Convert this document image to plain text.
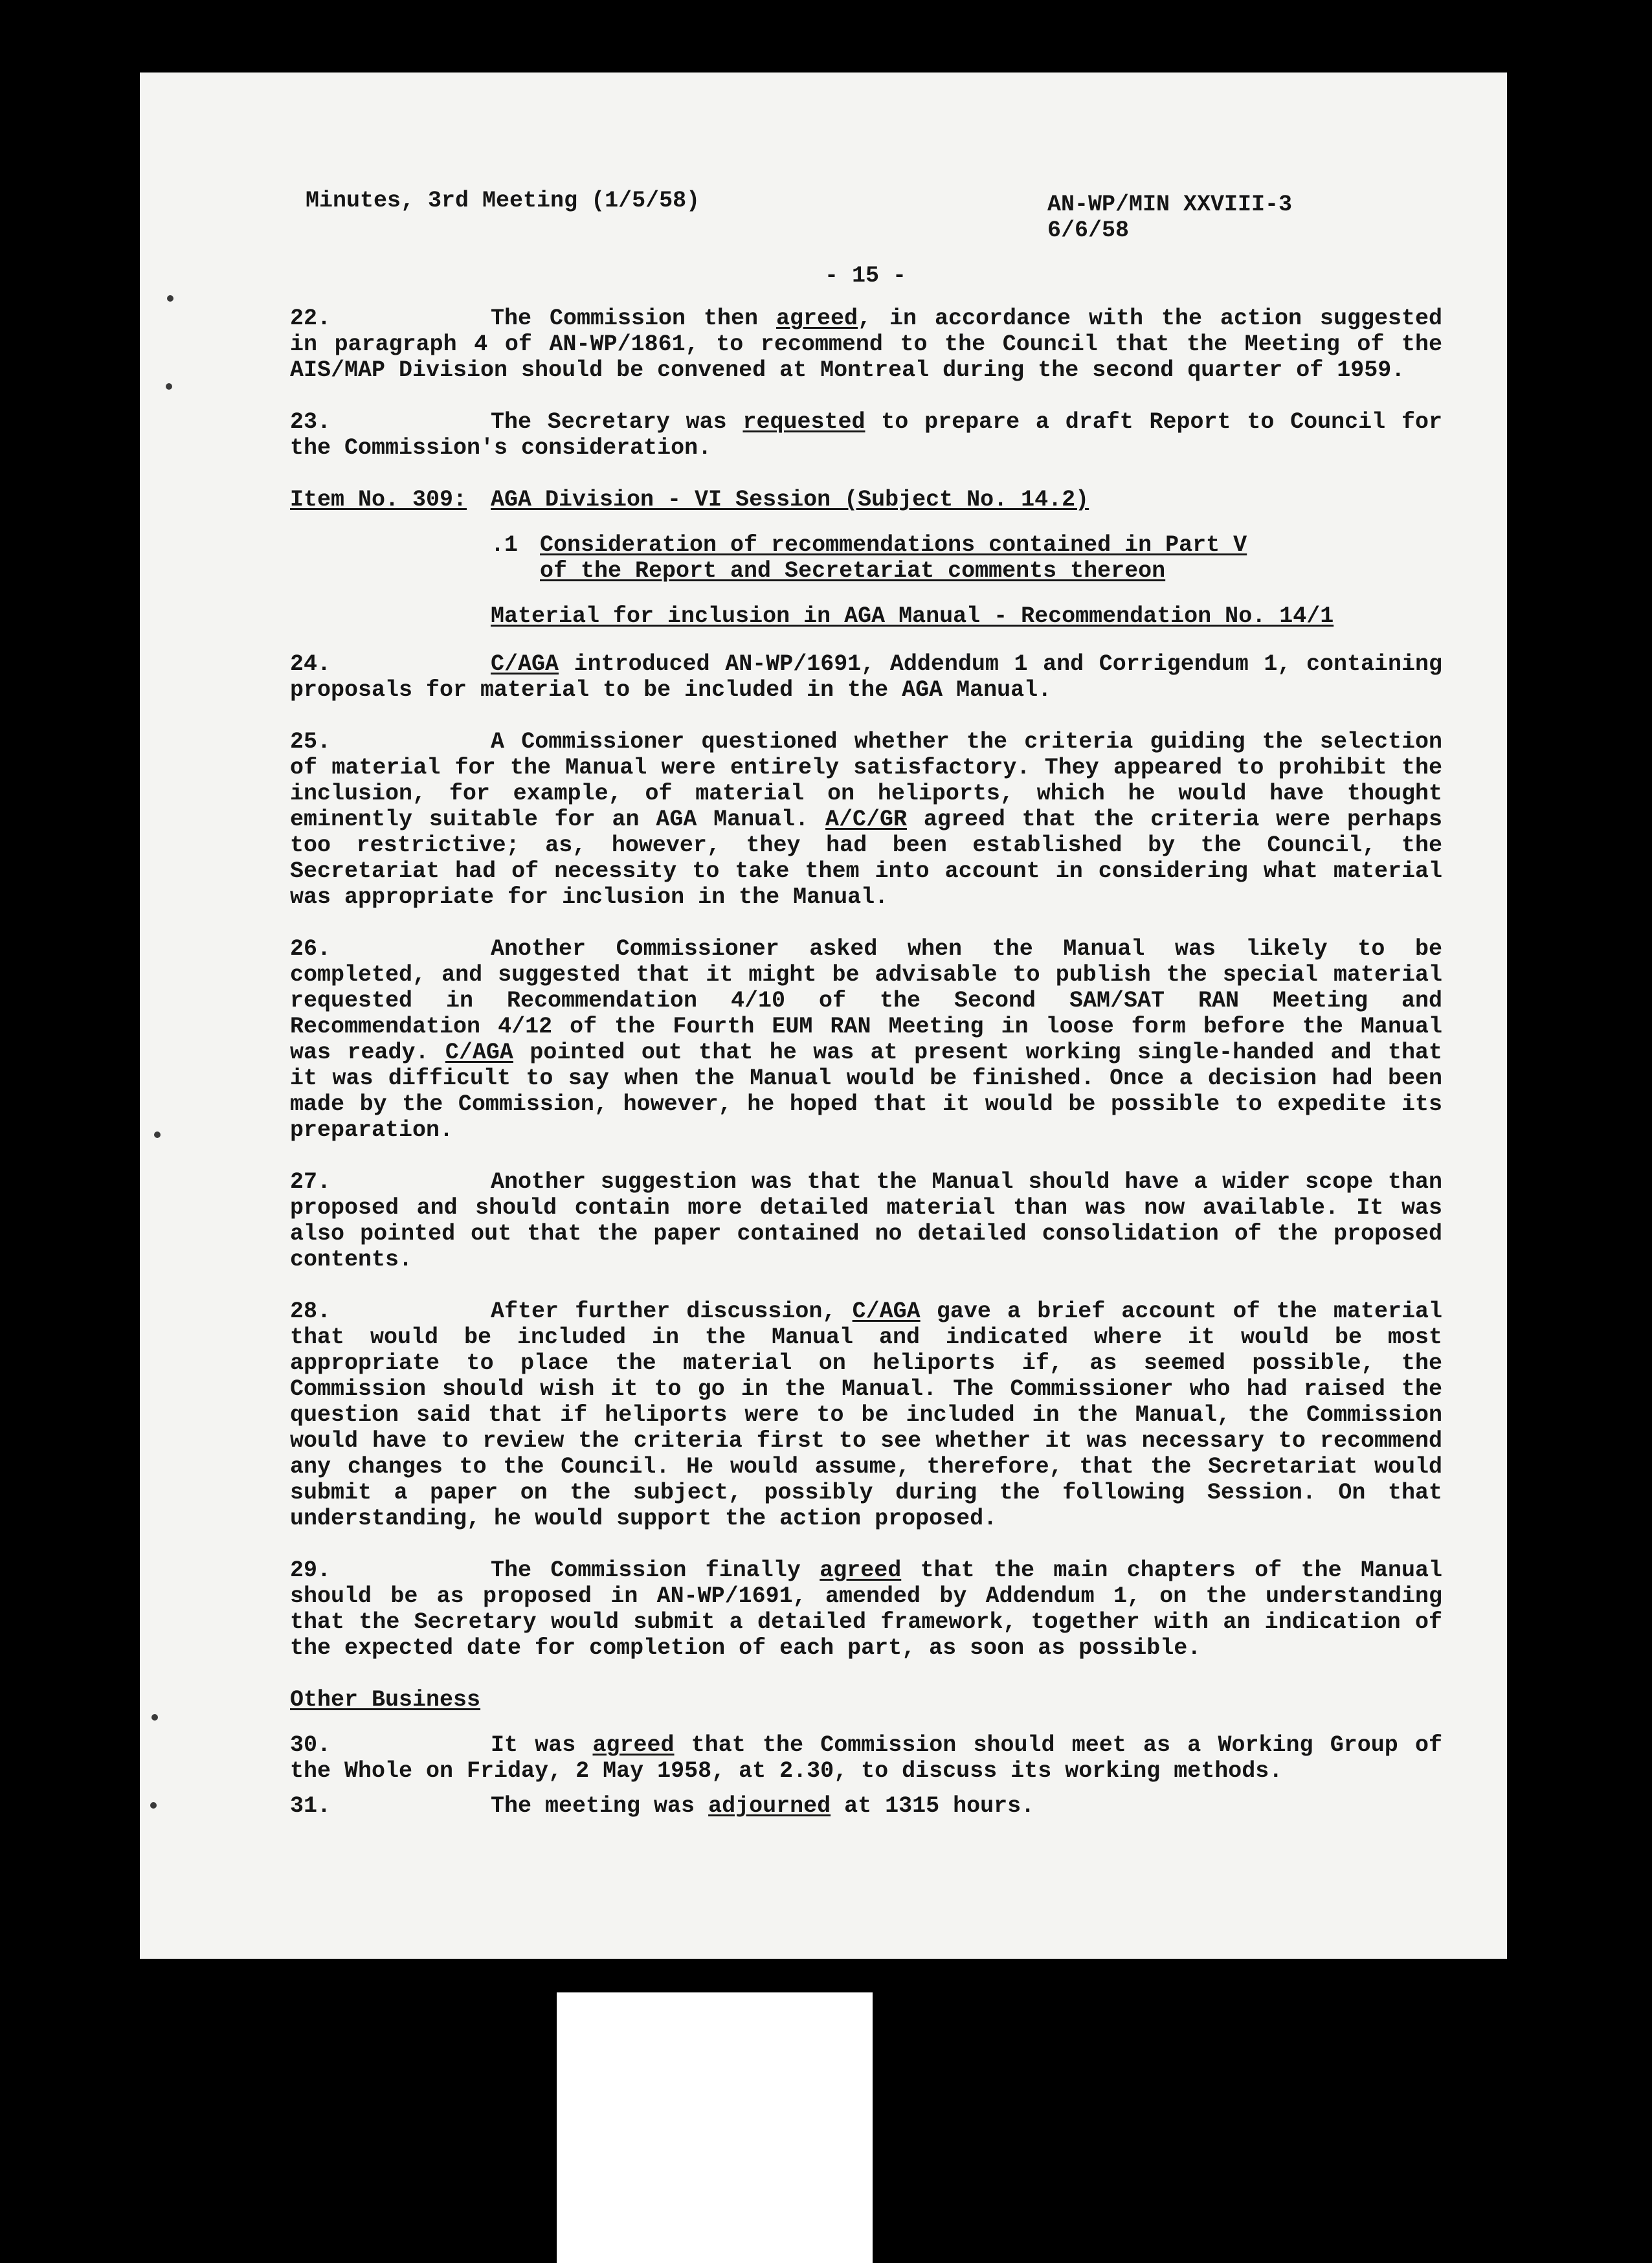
Minutes, 3rd Meeting (1/5/58)	AN-WP/MIN XXVIII-3
6/6/58
- 15 -

22.	The Commission then agreed, in accordance with the action suggested in paragraph 4 of AN-WP/1861, to recommend to the Council that the Meeting of the AIS/MAP Division should be convened at Montreal during the second quarter of 1959.

23.	The Secretary was requested to prepare a draft Report to Council for the Commission's consideration.

Item No. 309:	AGA Division - VI Session (Subject No. 14.2)
.1 Consideration of recommendations contained in Part V of the Report and Secretariat comments thereon
Material for inclusion in AGA Manual - Recommendation No. 14/1

24.	C/AGA introduced AN-WP/1691, Addendum 1 and Corrigendum 1, containing proposals for material to be included in the AGA Manual.

25.	A Commissioner questioned whether the criteria guiding the selection of material for the Manual were entirely satisfactory. They appeared to prohibit the inclusion, for example, of material on heliports, which he would have thought eminently suitable for an AGA Manual. A/C/GR agreed that the criteria were perhaps too restrictive; as, however, they had been established by the Council, the Secretariat had of necessity to take them into account in considering what material was appropriate for inclusion in the Manual.

26.	Another Commissioner asked when the Manual was likely to be completed, and suggested that it might be advisable to publish the special material requested in Recommendation 4/10 of the Second SAM/SAT RAN Meeting and Recommendation 4/12 of the Fourth EUM RAN Meeting in loose form before the Manual was ready. C/AGA pointed out that he was at present working single-handed and that it was difficult to say when the Manual would be finished. Once a decision had been made by the Commission, however, he hoped that it would be possible to expedite its preparation.

27.	Another suggestion was that the Manual should have a wider scope than proposed and should contain more detailed material than was now available. It was also pointed out that the paper contained no detailed consolidation of the proposed contents.

28.	After further discussion, C/AGA gave a brief account of the material that would be included in the Manual and indicated where it would be most appropriate to place the material on heliports if, as seemed possible, the Commission should wish it to go in the Manual. The Commissioner who had raised the question said that if heliports were to be included in the Manual, the Commission would have to review the criteria first to see whether it was necessary to recommend any changes to the Council. He would assume, therefore, that the Secretariat would submit a paper on the subject, possibly during the following Session. On that understanding, he would support the action proposed.

29.	The Commission finally agreed that the main chapters of the Manual should be as proposed in AN-WP/1691, amended by Addendum 1, on the understanding that the Secretary would submit a detailed framework, together with an indication of the expected date for completion of each part, as soon as possible.

Other Business

30.	It was agreed that the Commission should meet as a Working Group of the Whole on Friday, 2 May 1958, at 2.30, to discuss its working methods.

31.	The meeting was adjourned at 1315 hours.
